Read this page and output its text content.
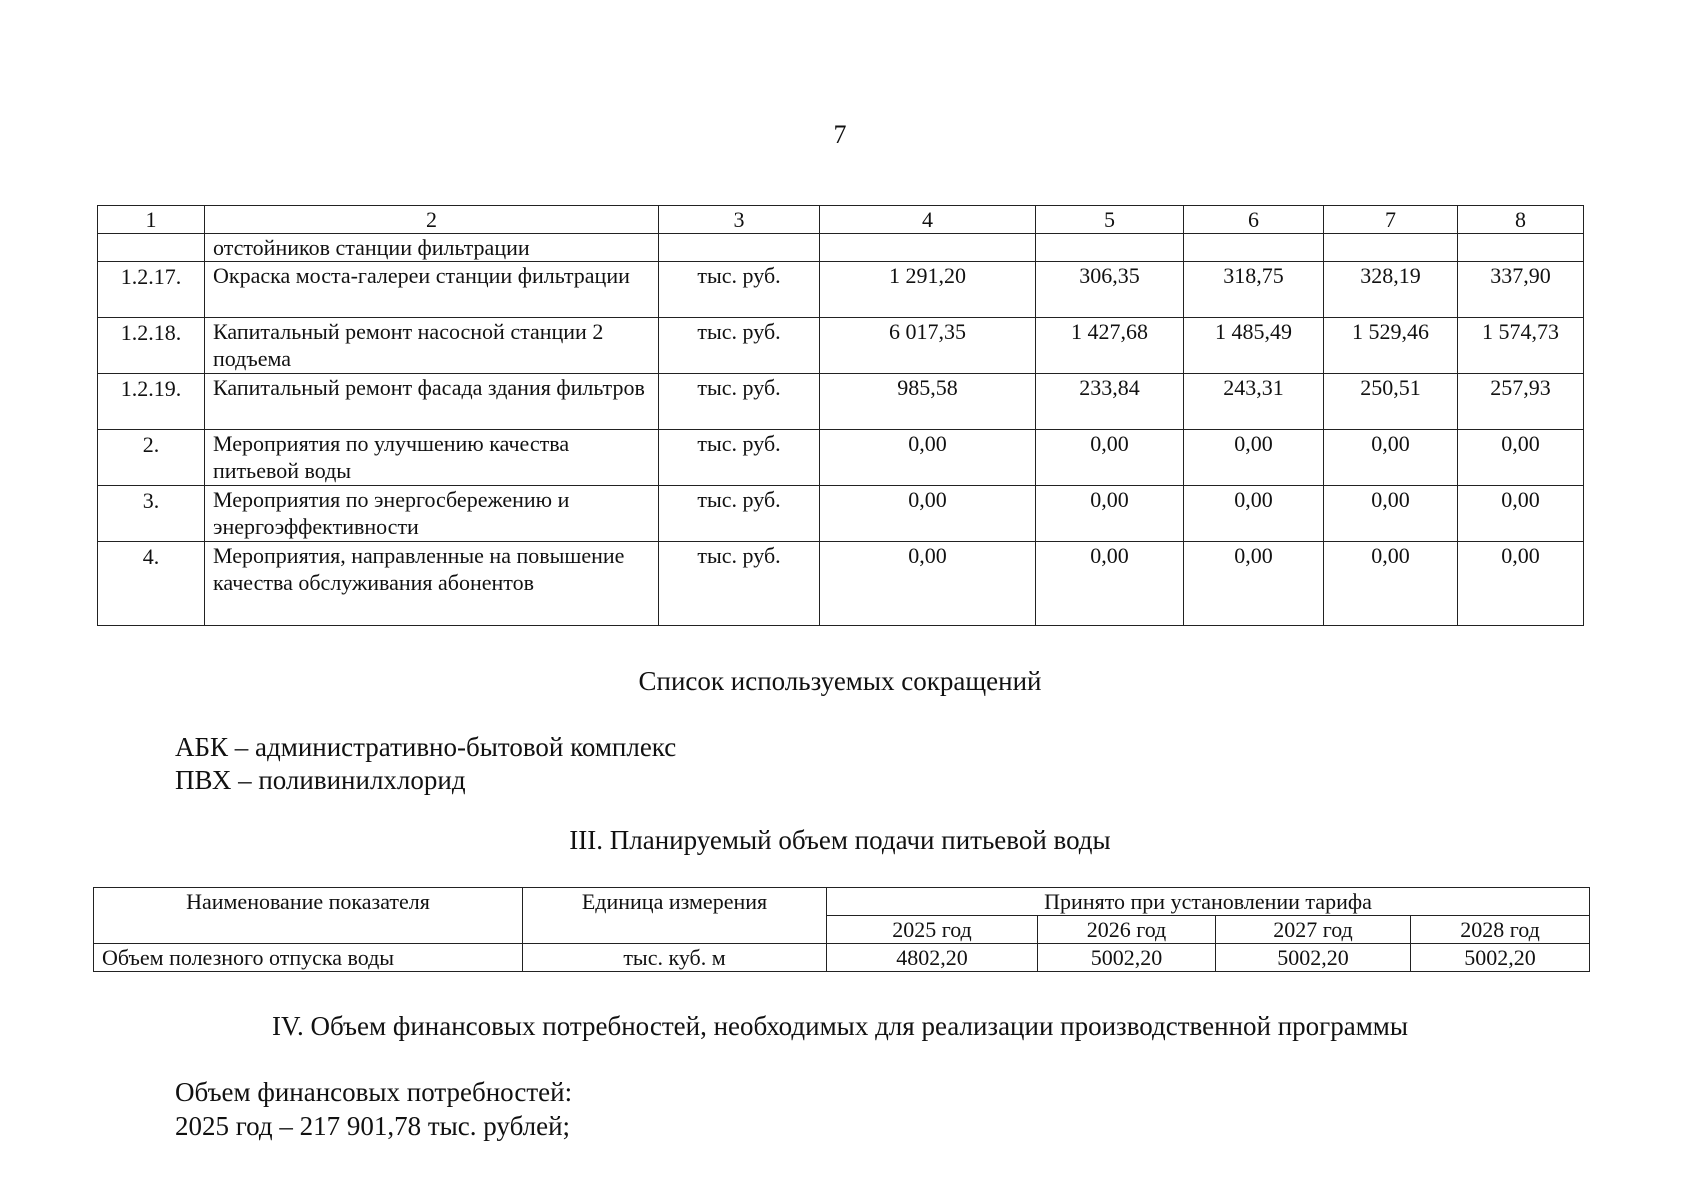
7
1	2	3	4	5	6	7	8
	отстойников станции фильтрации						
1.2.17.	Окраска моста-галереи станции фильтрации	тыс. руб.	1 291,20	306,35	318,75	328,19	337,90
1.2.18.	Капитальный ремонт насосной станции 2 подъема	тыс. руб.	6 017,35	1 427,68	1 485,49	1 529,46	1 574,73
1.2.19.	Капитальный ремонт фасада здания фильтров	тыс. руб.	985,58	233,84	243,31	250,51	257,93
2.	Мероприятия по улучшению качества питьевой воды	тыс. руб.	0,00	0,00	0,00	0,00	0,00
3.	Мероприятия по энергосбережению и энергоэффективности	тыс. руб.	0,00	0,00	0,00	0,00	0,00
4.	Мероприятия, направленные на повышение качества обслуживания абонентов	тыс. руб.	0,00	0,00	0,00	0,00	0,00
Список используемых сокращений
АБК – административно-бытовой комплекс
ПВХ – поливинилхлорид
III. Планируемый объем подачи питьевой воды
Наименование показателя	Единица измерения	Принято при установлении тарифа			
		2025 год	2026 год	2027 год	2028 год
Объем полезного отпуска воды	тыс. куб. м	4802,20	5002,20	5002,20	5002,20
IV. Объем финансовых потребностей, необходимых для реализации производственной программы
Объем финансовых потребностей:
2025 год – 217 901,78 тыс. рублей;
